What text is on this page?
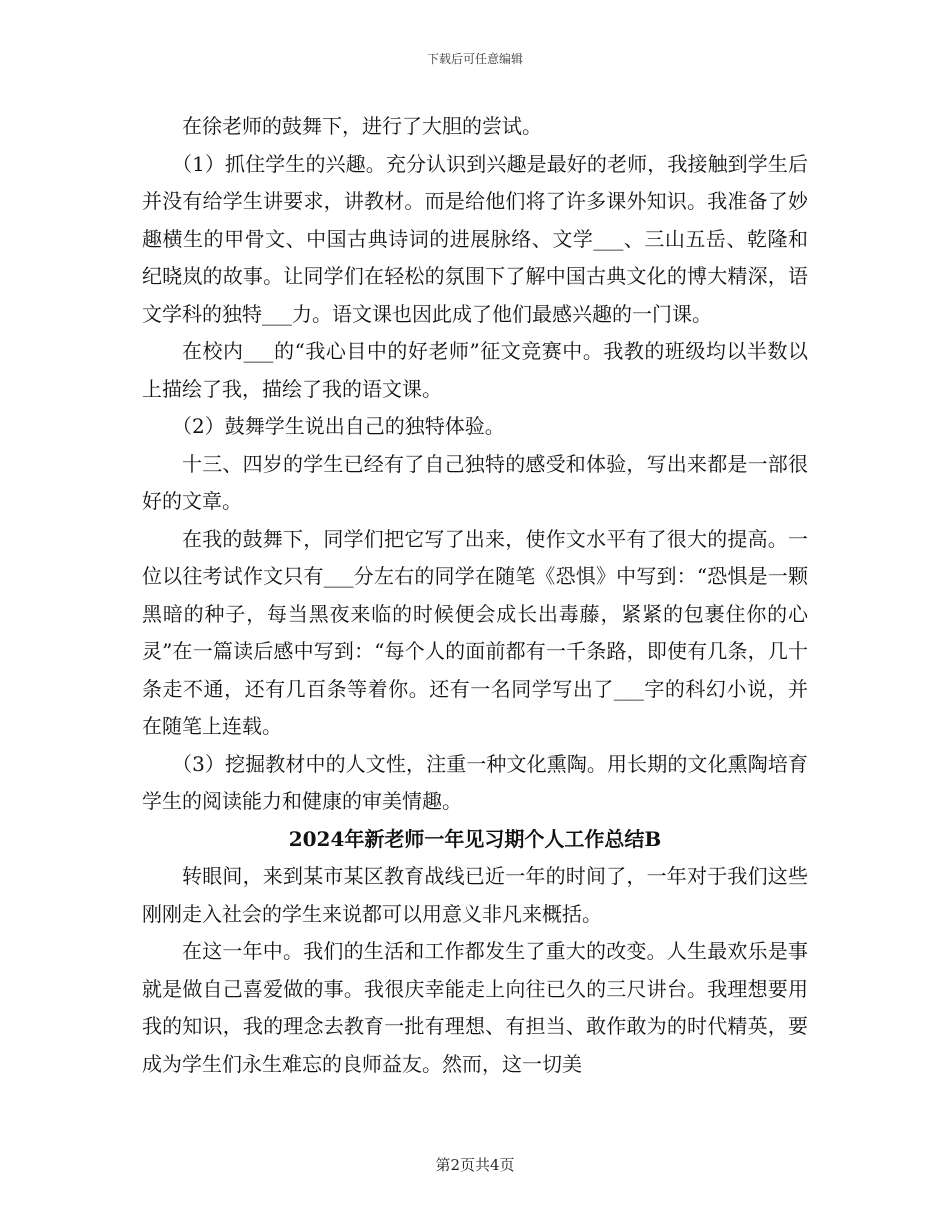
下载后可任意编辑

在徐老师的鼓舞下，进行了大胆的尝试。

（1）抓住学生的兴趣。充分认识到兴趣是最好的老师，我接触到学生后并没有给学生讲要求，讲教材。而是给他们将了许多课外知识。我准备了妙趣横生的甲骨文、中国古典诗词的进展脉络、文学___、三山五岳、乾隆和纪晓岚的故事。让同学们在轻松的氛围下了解中国古典文化的博大精深，语文学科的独特___力。语文课也因此成了他们最感兴趣的一门课。

在校内___的“我心目中的好老师”征文竞赛中。我教的班级均以半数以上描绘了我，描绘了我的语文课。

（2）鼓舞学生说出自己的独特体验。

十三、四岁的学生已经有了自己独特的感受和体验，写出来都是一部很好的文章。

在我的鼓舞下，同学们把它写了出来，使作文水平有了很大的提高。一位以往考试作文只有___分左右的同学在随笔《恐惧》中写到：“恐惧是一颗黑暗的种子，每当黑夜来临的时候便会成长出毒藤，紧紧的包裹住你的心灵”在一篇读后感中写到：“每个人的面前都有一千条路，即使有几条，几十条走不通，还有几百条等着你。还有一名同学写出了___字的科幻小说，并在随笔上连载。

（3）挖掘教材中的人文性，注重一种文化熏陶。用长期的文化熏陶培育学生的阅读能力和健康的审美情趣。

2024年新老师一年见习期个人工作总结B

转眼间，来到某市某区教育战线已近一年的时间了，一年对于我们这些刚刚走入社会的学生来说都可以用意义非凡来概括。

在这一年中。我们的生活和工作都发生了重大的改变。人生最欢乐是事就是做自己喜爱做的事。我很庆幸能走上向往已久的三尺讲台。我理想要用我的知识，我的理念去教育一批有理想、有担当、敢作敢为的时代精英，要成为学生们永生难忘的良师益友。然而，这一切美

第2页共4页
